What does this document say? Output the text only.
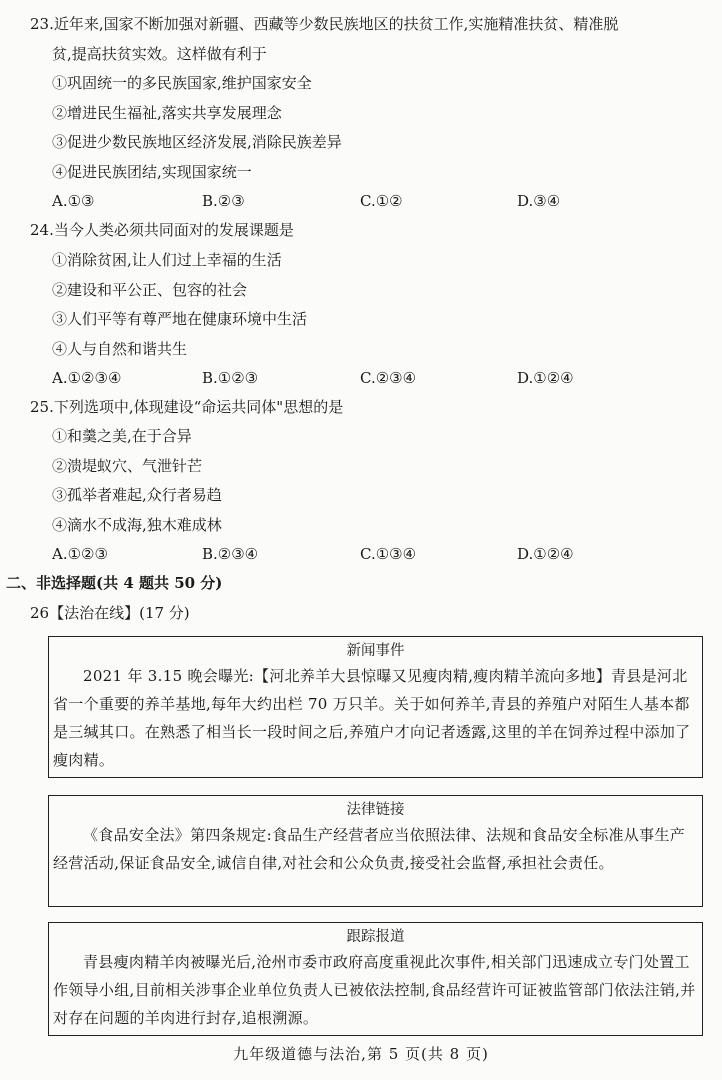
23.近年来,国家不断加强对新疆、西藏等少数民族地区的扶贫工作,实施精准扶贫、精准脱
贫,提高扶贫实效。这样做有利于
①巩固统一的多民族国家,维护国家安全
②增进民生福祉,落实共享发展理念
③促进少数民族地区经济发展,消除民族差异
④促进民族团结,实现国家统一
A.①③	B.②③	C.①②	D.③④
24.当今人类必须共同面对的发展课题是
①消除贫困,让人们过上幸福的生活
②建设和平公正、包容的社会
③人们平等有尊严地在健康环境中生活
④人与自然和谐共生
A.①②③④	B.①②③	C.②③④	D.①②④
25.下列选项中,体现建设“命运共同体"思想的是
①和羹之美,在于合异
②溃堤蚁穴、气泄针芒
③孤举者难起,众行者易趋
④滴水不成海,独木难成林
A.①②③	B.②③④	C.①③④	D.①②④
二、非选择题(共 4 题共 50 分)
26【法治在线】(17 分)
新闻事件
2021 年 3.15 晚会曝光:【河北养羊大县惊曝又见瘦肉精,瘦肉精羊流向多地】青县是河北省一个重要的养羊基地,每年大约出栏 70 万只羊。关于如何养羊,青县的养殖户对陌生人基本都是三缄其口。在熟悉了相当长一段时间之后,养殖户才向记者透露,这里的羊在饲养过程中添加了瘦肉精。
法律链接
《食品安全法》第四条规定:食品生产经营者应当依照法律、法规和食品安全标准从事生产经营活动,保证食品安全,诚信自律,对社会和公众负责,接受社会监督,承担社会责任。
跟踪报道
青县瘦肉精羊肉被曝光后,沧州市委市政府高度重视此次事件,相关部门迅速成立专门处置工作领导小组,目前相关涉事企业单位负责人已被依法控制,食品经营许可证被监管部门依法注销,并对存在问题的羊肉进行封存,追根溯源。
九年级道德与法治,第 5 页(共 8 页)
